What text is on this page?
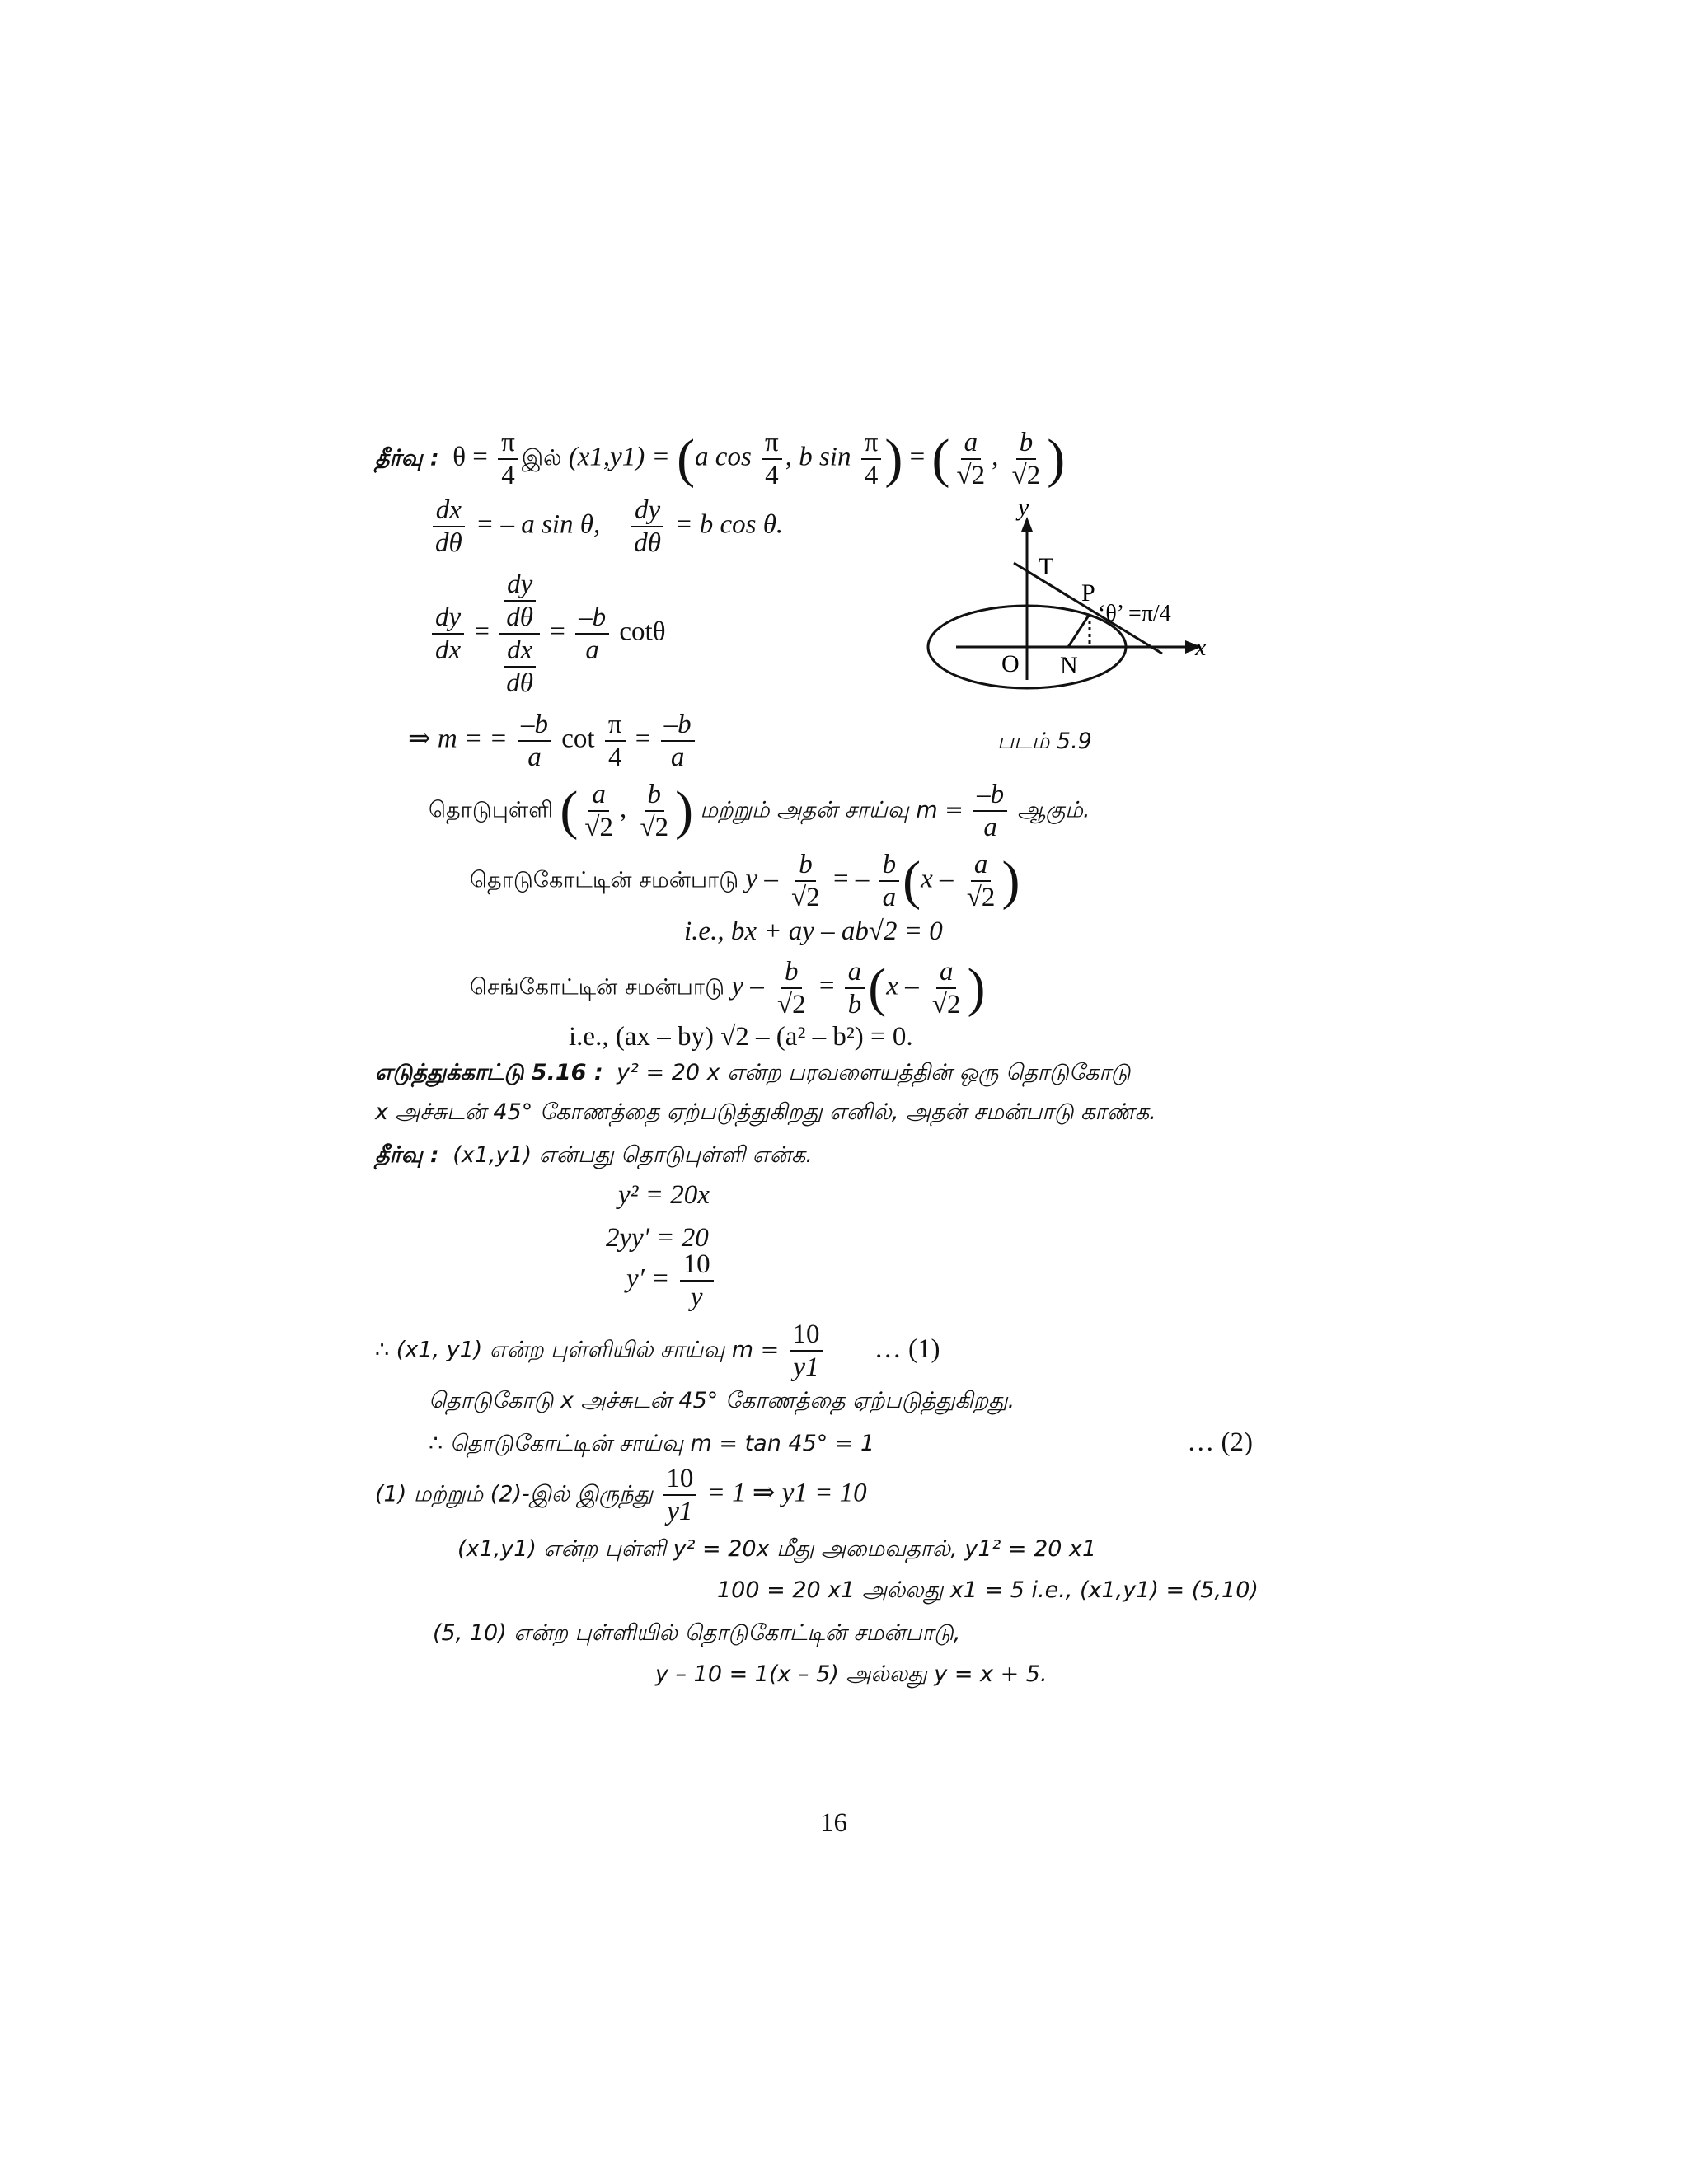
தீர்வு : $\theta = \frac{\pi}{4}$ இல் (x1,y1) = (a $\cos \frac{\pi}{4}$ , b $\sin \frac{\pi}{4}$ ) = ( $\frac{a}{√2}$ , $\frac{b}{√2}$ )
$\frac{dx}{d\theta}$ = – a sin θ, $\frac{dy}{d\theta} = b$ cos θ.
$\frac{dy}{dx} = \frac{dy}{d\theta}$
$\frac{dx}{d\theta}$
= $\frac{-b}{a}$ cotθ
⇒ m = = $\frac{-b}{a}$ $\cot \frac{\pi}{4} = \frac{-b}{a}$
தொடுபுள்ளி ( $\frac{a}{√2}$ , $\frac{b}{√2}$ ) மற்றும் அதன் சாய்வு $m = \frac{-b}{a}$ ஆகும்.
தொடுகோட்டின் சமன்பாடு y – $\frac{b}{√2}$ = – $\frac{b}{a} (x - \frac{a}{√2}$ )
i.e., bx + ay – ab√2 = 0
செங்கோட்டின் சமன்பாடு $y - \frac{b}{√2} = \frac{a}{b} (x - \frac{a}{√2}$ )
i.e., (ax – by) √2 – (a² – b²) = 0.
y
x
T
P
‘θ’ =π/4
O N
படம் 5.9
எடுத்துக்காட்டு 5.16 : y² = 20 x என்ற பரவளையத்தின் ஒரு தொடுகோடு
x அச்சுடன் 45° கோணத்தை ஏற்படுத்துகிறது எனில், அதன் சமன்பாடு காண்க.
தீர்வு : (x1,y1) என்பது தொடுபுள்ளி என்க.
y² = 20x
2yy′ = 20
$y' = \frac{10}{y}$
∴ (x1, y1) என்ற புள்ளியில் சாய்வு $m = \frac{10}{y1}$ … (1)
தொடுகோடு x அச்சுடன் 45° கோணத்தை ஏற்படுத்துகிறது.
∴ தொடுகோட்டின் சாய்வு m = tan 45° = 1	… (2)
(1) மற்றும் (2)-இல் இருந்து $\frac{10}{y1} = 1$ ⇒ y1 = 10
(x1,y1) என்ற புள்ளி y² = 20x மீது அமைவதால், y1² = 20 x1
100 = 20 x1 அல்லது x1 = 5 i.e., (x1,y1) = (5,10)
(5, 10) என்ற புள்ளியில் தொடுகோட்டின் சமன்பாடு,
y – 10 = 1(x – 5) அல்லது y = x + 5.
16
